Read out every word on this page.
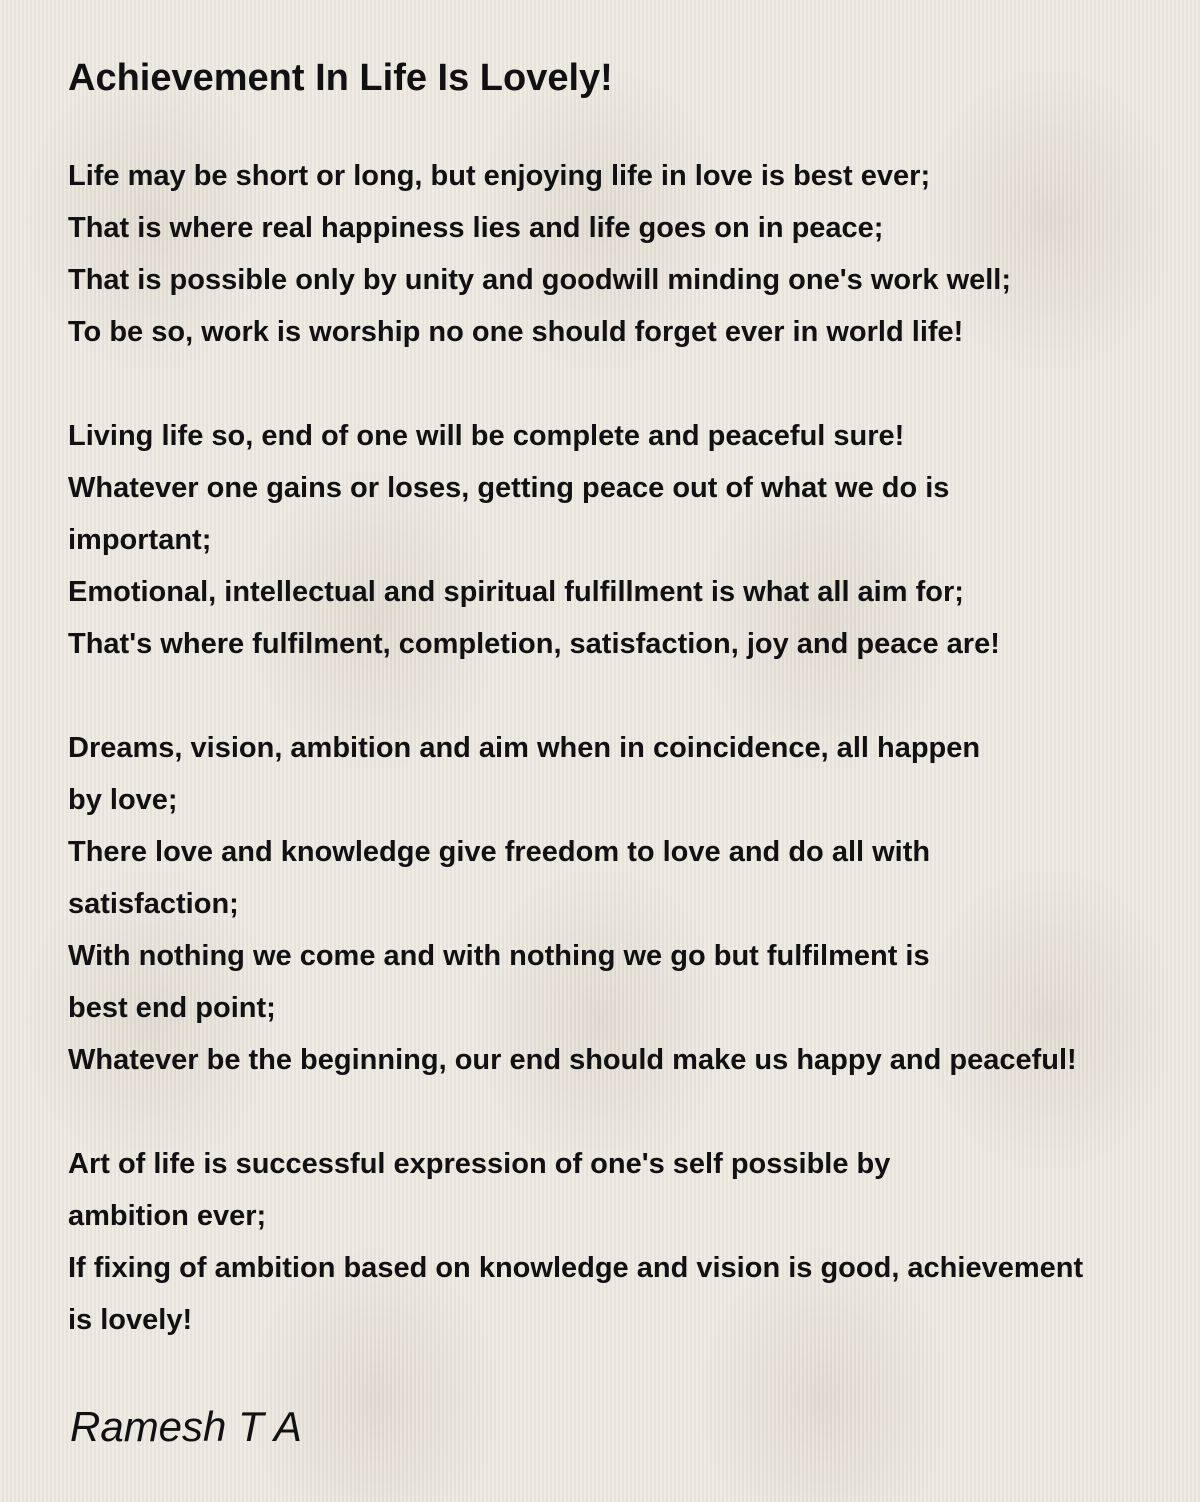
Achievement In Life Is Lovely!
Life may be short or long, but enjoying life in love is best ever;
That is where real happiness lies and life goes on in peace;
That is possible only by unity and goodwill minding one's work well;
To be so, work is worship no one should forget ever in world life!
Living life so, end of one will be complete and peaceful sure!
Whatever one gains or loses, getting peace out of what we do is
important;
Emotional, intellectual and spiritual fulfillment is what all aim for;
That's where fulfilment, completion, satisfaction, joy and peace are!
Dreams, vision, ambition and aim when in coincidence, all happen
by love;
There love and knowledge give freedom to love and do all with
satisfaction;
With nothing we come and with nothing we go but fulfilment is
best end point;
Whatever be the beginning, our end should make us happy and peaceful!
Art of life is successful expression of one's self possible by
ambition ever;
If fixing of ambition based on knowledge and vision is good, achievement
is lovely!
Ramesh T A
